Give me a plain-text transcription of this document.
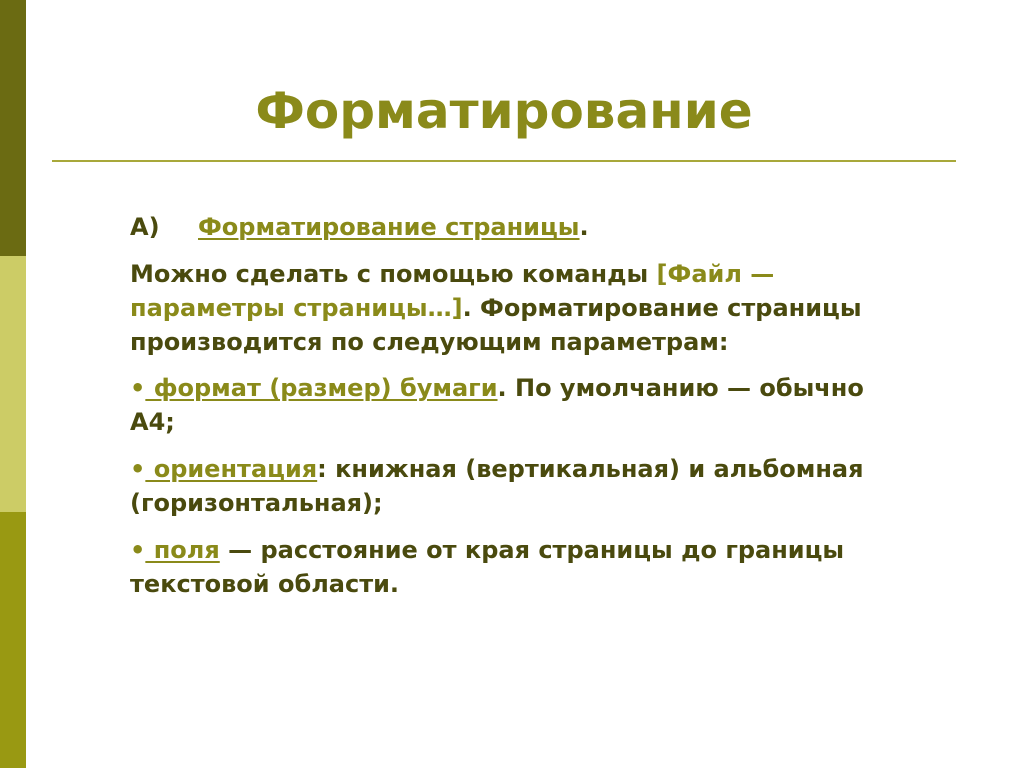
Форматирование

А) Форматирование страницы.

Можно сделать с помощью команды [Файл — параметры страницы…]. Форматирование страницы производится по следующим параметрам:

• формат (размер) бумаги. По умолчанию — обычно А4;

• ориентация: книжная (вертикальная) и альбомная (горизонтальная);

• поля — расстояние от края страницы до границы текстовой области.
